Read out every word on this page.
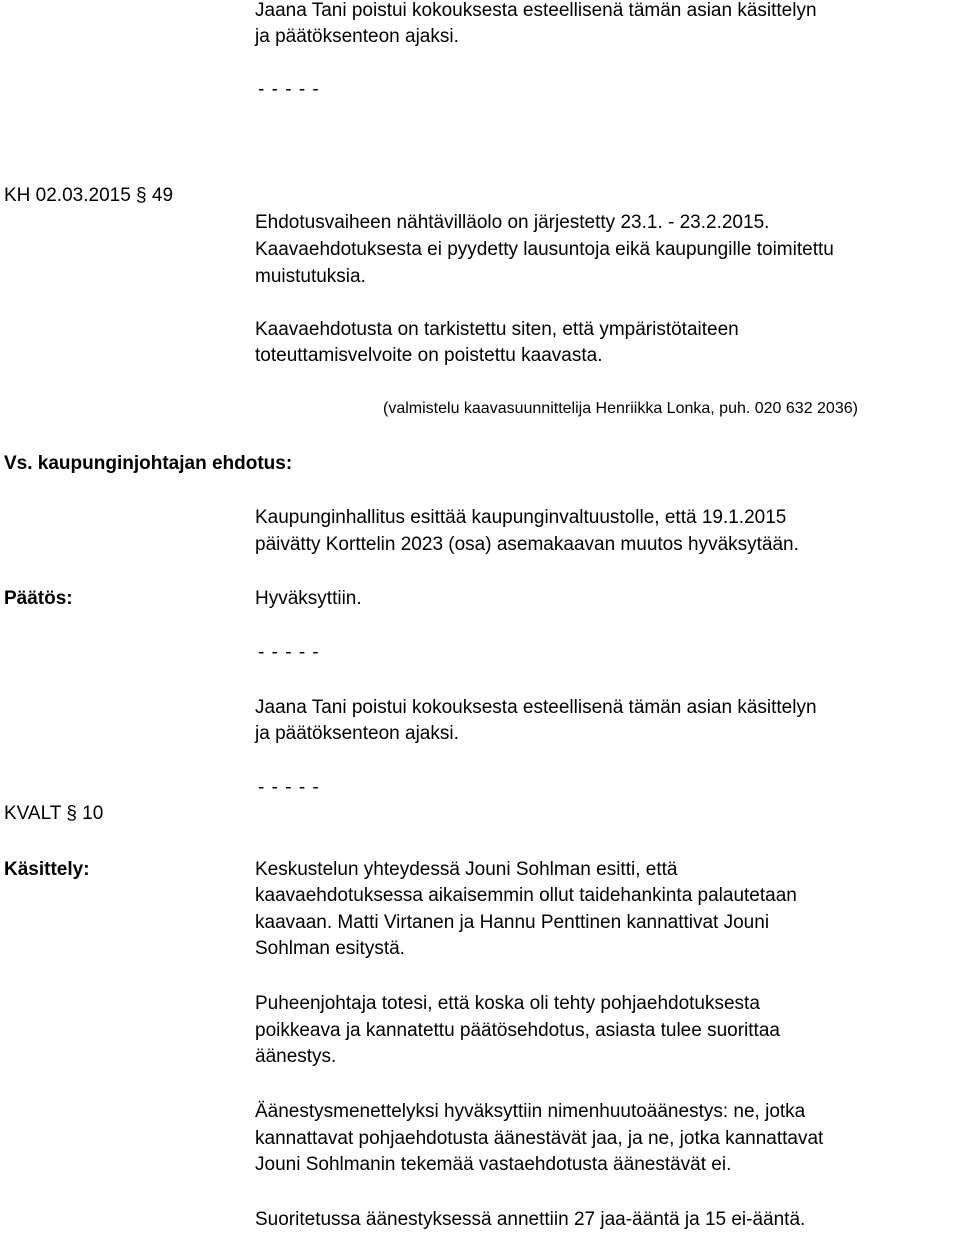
Jaana Tani poistui kokouksesta esteellisenä tämän asian käsittelyn
ja päätöksenteon ajaksi.
- - - - -
KH 02.03.2015 § 49
Ehdotusvaiheen nähtävilläolo on järjestetty 23.1. - 23.2.2015.
Kaavaehdotuksesta ei pyydetty lausuntoja eikä kaupungille toimitettu
muistutuksia.
Kaavaehdotusta on tarkistettu siten, että ympäristötaiteen
toteuttamisvelvoite on poistettu kaavasta.
(valmistelu kaavasuunnittelija Henriikka Lonka, puh. 020 632 2036)
Vs. kaupunginjohtajan ehdotus:
Kaupunginhallitus esittää kaupunginvaltuustolle, että 19.1.2015
päivätty Korttelin 2023 (osa) asemakaavan muutos hyväksytään.
Päätös:	Hyväksyttiin.
- - - - -
Jaana Tani poistui kokouksesta esteellisenä tämän asian käsittelyn
ja päätöksenteon ajaksi.
- - - - -
KVALT § 10
Käsittely:	Keskustelun yhteydessä Jouni Sohlman esitti, että
kaavaehdotuksessa aikaisemmin ollut taidehankinta palautetaan
kaavaan. Matti Virtanen ja Hannu Penttinen kannattivat Jouni
Sohlman esitystä.
Puheenjohtaja totesi, että koska oli tehty pohjaehdotuksesta
poikkeava ja kannatettu päätösehdotus, asiasta tulee suorittaa
äänestys.
Äänestysmenettelyksi hyväksyttiin nimenhuutoäänestys: ne, jotka
kannattavat pohjaehdotusta äänestävät jaa, ja ne, jotka kannattavat
Jouni Sohlmanin tekemää vastaehdotusta äänestävät ei.
Suoritetussa äänestyksessä annettiin 27 jaa-ääntä ja 15 ei-ääntä.
